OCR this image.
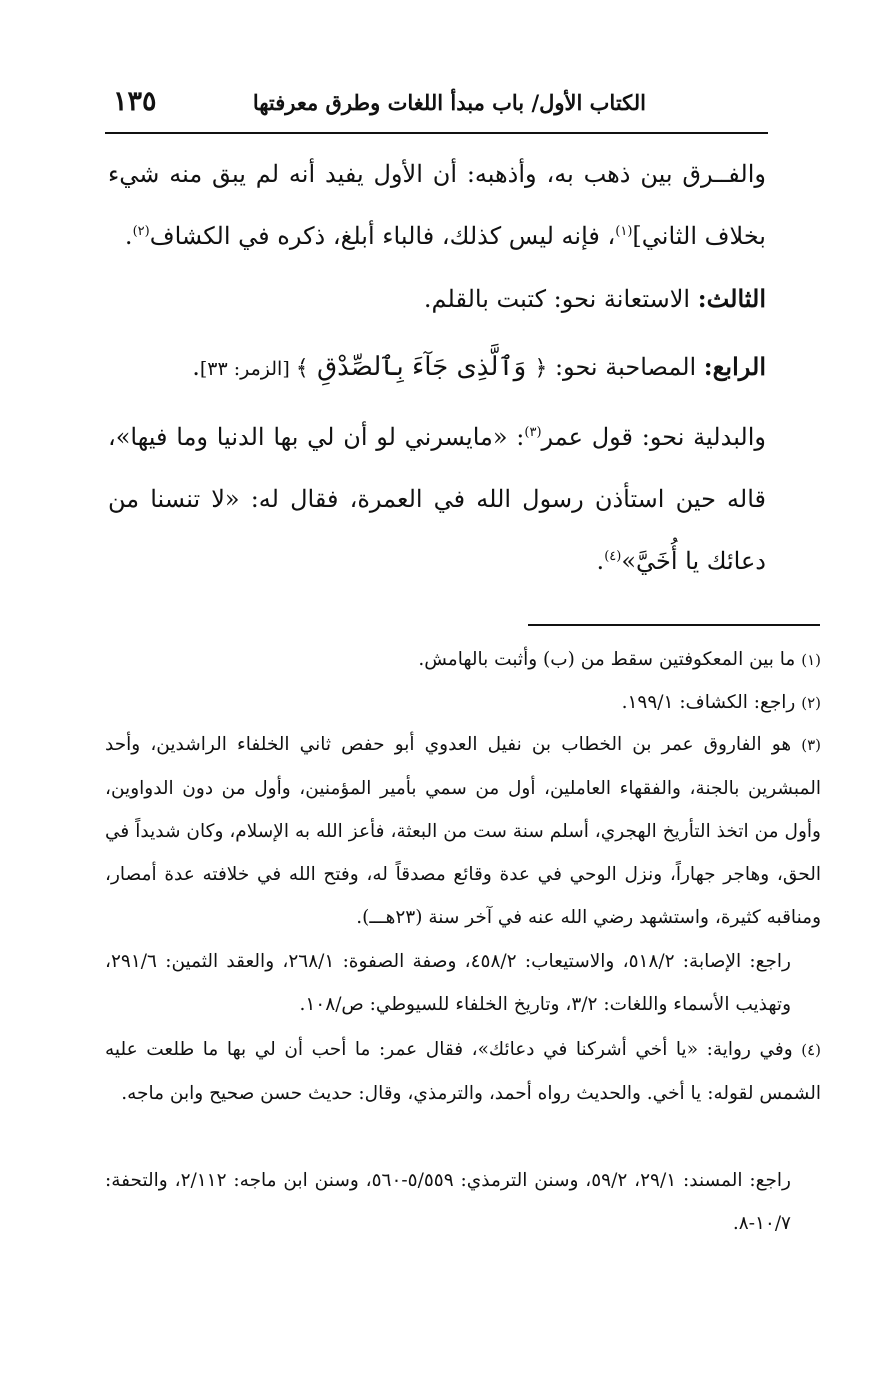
الكتاب الأول/ باب مبدأ اللغات وطرق معرفتها
١٣٥
والفــرق بين ذهب به، وأذهبه: أن الأول يفيد أنه لم يبق منه شيء بخلاف الثاني]$^{(١)}$، فإنه ليس كذلك، فالباء أبلغ، ذكره في الكشاف$^{(٢)}$.
الثالث: الاستعانة نحو: كتبت بالقلم.
الرابع: المصاحبة نحو: ﴿ وَٱلَّذِى جَآءَ بِٱلصِّدْقِ ﴾ [الزمر: ٣٣].
والبدلية نحو: قول عمر$^{(٣)}$: «مايسرني لو أن لي بها الدنيا وما فيها»، قاله حين استأذن رسول الله في العمرة، فقال له: «لا تنسنا من دعائك يا أُخَيَّ»$^{(٤)}$.
(١) ما بين المعكوفتين سقط من (ب) وأثبت بالهامش.
(٢) راجع: الكشاف: ١٩٩/١.
(٣) هو الفاروق عمر بن الخطاب بن نفيل العدوي أبو حفص ثاني الخلفاء الراشدين، وأحد المبشرين بالجنة، والفقهاء العاملين، أول من سمي بأمير المؤمنين، وأول من دون الدواوين، وأول من اتخذ التأريخ الهجري، أسلم سنة ست من البعثة، فأعز الله به الإسلام، وكان شديداً في الحق، وهاجر جهاراً، ونزل الوحي في عدة وقائع مصدقاً له، وفتح الله في خلافته عدة أمصار، ومناقبه كثيرة، واستشهد رضي الله عنه في آخر سنة (٢٣هـــ).
راجع: الإصابة: ٥١٨/٢، والاستيعاب: ٤٥٨/٢، وصفة الصفوة: ٢٦٨/١، والعقد الثمين: ٢٩١/٦، وتهذيب الأسماء واللغات: ٣/٢، وتاريخ الخلفاء للسيوطي: ص/١٠٨.
(٤) وفي رواية: «يا أخي أشركنا في دعائك»، فقال عمر: ما أحب أن لي بها ما طلعت عليه الشمس لقوله: يا أخي. والحديث رواه أحمد، والترمذي، وقال: حديث حسن صحيح وابن ماجه.
راجع: المسند: ٢٩/١، ٥٩/٢، وسنن الترمذي: ٥/٥٥٩-٥٦٠، وسنن ابن ماجه: ٢/١١٢، والتحفة: ١٠/٧-٨.
